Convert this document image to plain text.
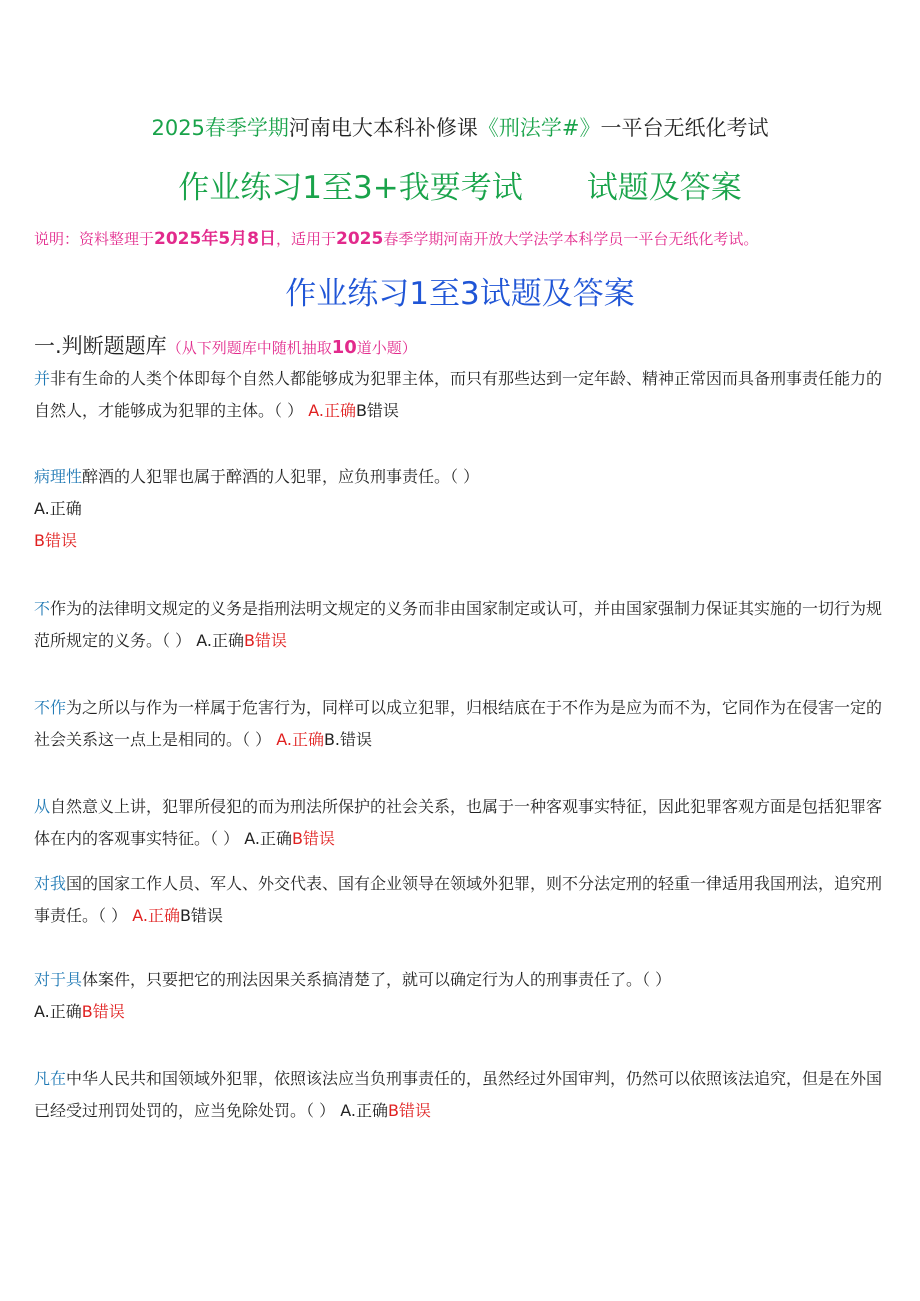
2025春季学期河南电大本科补修课《刑法学#》一平台无纸化考试
作业练习1至3+我要考试 试题及答案
说明：资料整理于2025年5月8日，适用于2025春季学期河南开放大学法学本科学员一平台无纸化考试。
作业练习1至3试题及答案
一.判断题题库（从下列题库中随机抽取10道小题）
并非有生命的人类个体即每个自然人都能够成为犯罪主体，而只有那些达到一定年龄、精神正常因而具备刑事责任能力的自然人，才能够成为犯罪的主体。（ ） A.正确B错误
病理性醉酒的人犯罪也属于醉酒的人犯罪，应负刑事责任。（ ）
A.正确
B错误
不作为的法律明文规定的义务是指刑法明文规定的义务而非由国家制定或认可，并由国家强制力保证其实施的一切行为规范所规定的义务。（ ） A.正确B错误
不作为之所以与作为一样属于危害行为，同样可以成立犯罪，归根结底在于不作为是应为而不为，它同作为在侵害一定的社会关系这一点上是相同的。（ ） A.正确B.错误
从自然意义上讲，犯罪所侵犯的而为刑法所保护的社会关系，也属于一种客观事实特征，因此犯罪客观方面是包括犯罪客体在内的客观事实特征。（ ） A.正确B错误
对我国的国家工作人员、军人、外交代表、国有企业领导在领域外犯罪，则不分法定刑的轻重一律适用我国刑法，追究刑事责任。（ ） A.正确B错误
对于具体案件，只要把它的刑法因果关系搞清楚了，就可以确定行为人的刑事责任了。（ ）
A.正确B错误
凡在中华人民共和国领域外犯罪，依照该法应当负刑事责任的，虽然经过外国审判，仍然可以依照该法追究，但是在外国已经受过刑罚处罚的，应当免除处罚。（ ） A.正确B错误
